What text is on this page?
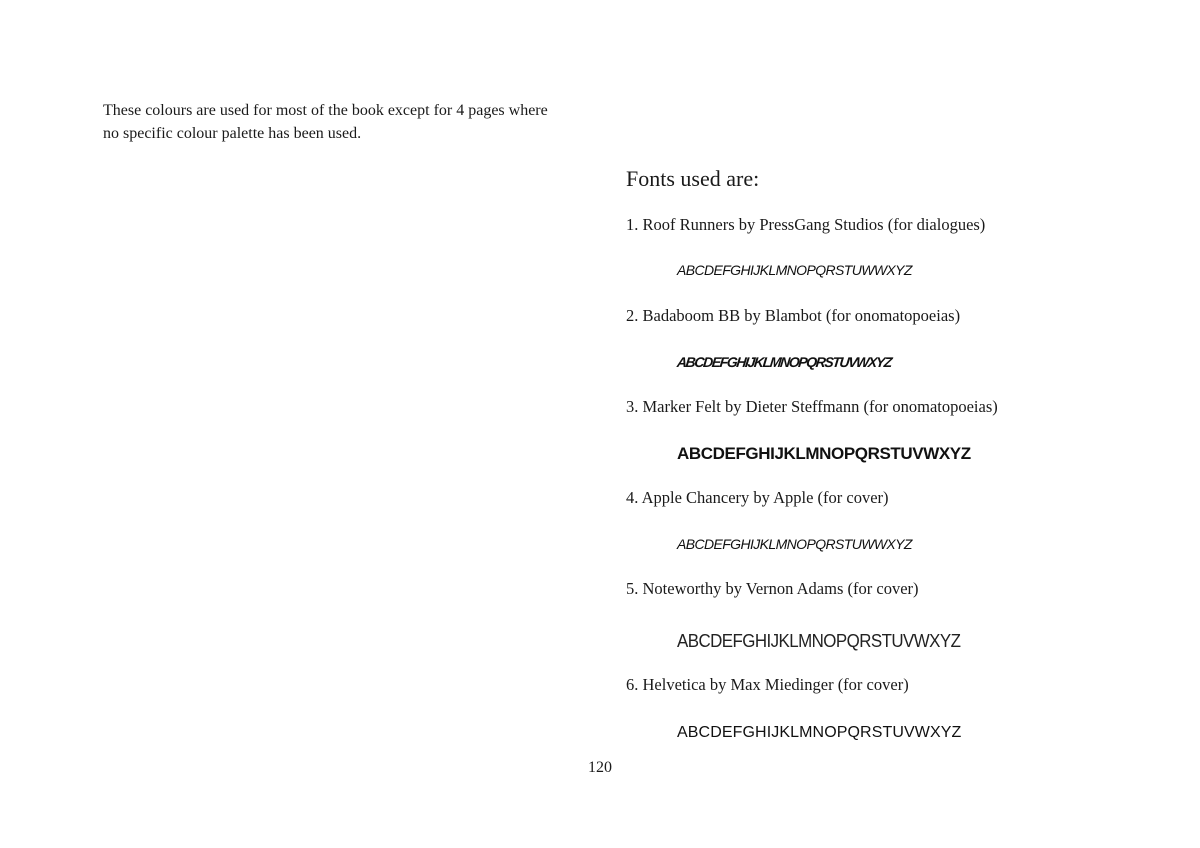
These colours are used for most of the book except for 4 pages where

no specific colour palette has been used.

Fonts used are:
1. Roof Runners by PressGang Studios (for dialogues)
ABCDEFGHIJKLMNOPQRSTUWWXYZ
2. Badaboom BB by Blambot (for onomatopoeias)
ABCDEFGHIJKLMNOPQRSTUVWXYZ
3. Marker Felt by Dieter Steffmann (for onomatopoeias)
ABCDEFGHIJKLMNOPQRSTUVWXYZ
4. Apple Chancery by Apple (for cover)
ABCDEFGHIJKLMNOPQRSTUWWXYZ
5. Noteworthy by Vernon Adams (for cover)
ABCDEFGHIJKLMNOPQRSTUVWXYZ
6. Helvetica by Max Miedinger (for cover)
ABCDEFGHIJKLMNOPQRSTUVWXYZ
120
